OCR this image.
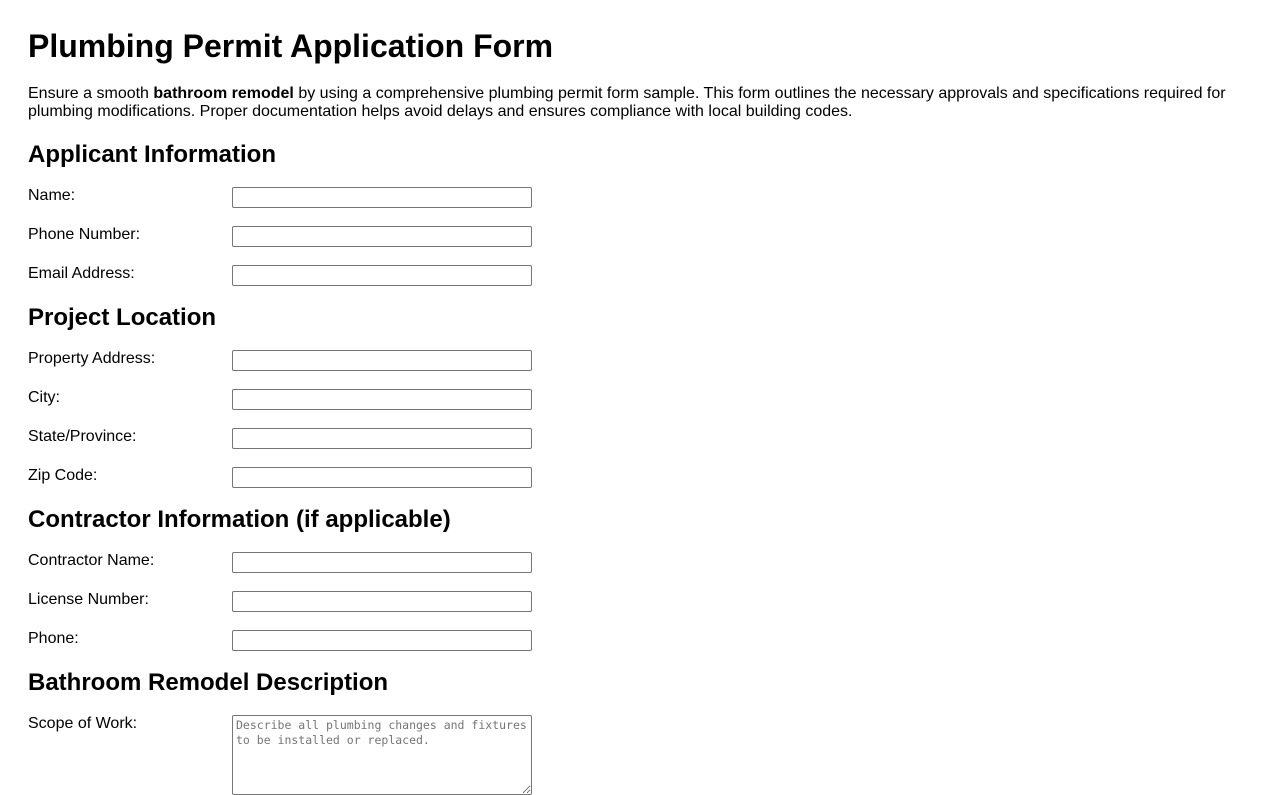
Plumbing Permit Application Form

Ensure a smooth bathroom remodel by using a comprehensive plumbing permit form sample. This form outlines the necessary approvals and specifications required for plumbing modifications. Proper documentation helps avoid delays and ensures compliance with local building codes.

Applicant Information
Name:
Phone Number:
Email Address:
Project Location
Property Address:
City:
State/Province:
Zip Code:
Contractor Information (if applicable)
Contractor Name:
License Number:
Phone:
Bathroom Remodel Description
Scope of Work:
Describe all plumbing changes and fixtures to be installed or replaced.
